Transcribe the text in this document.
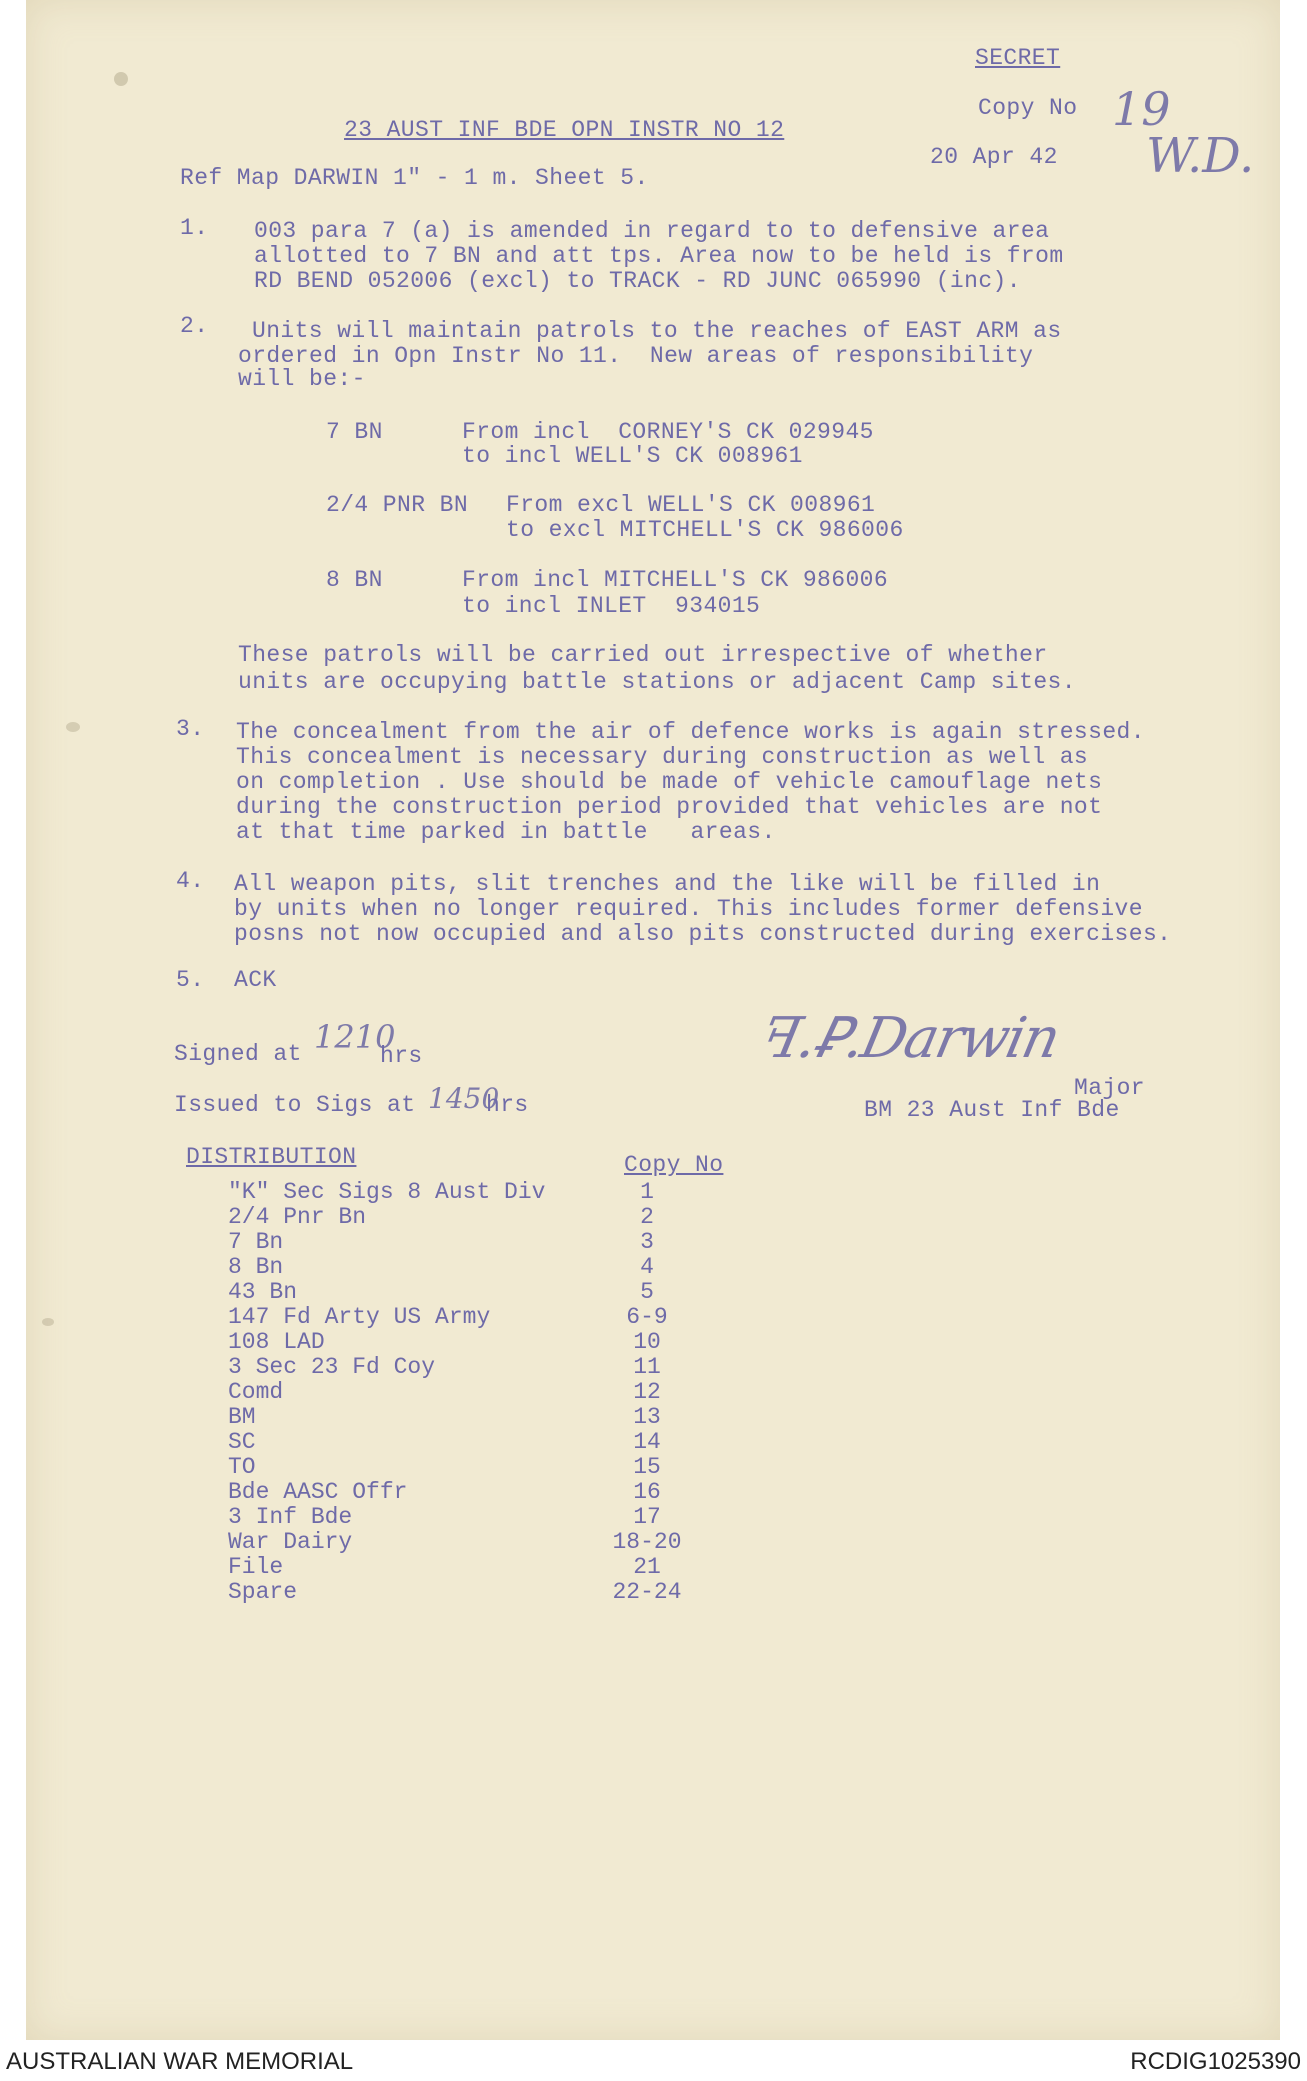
SECRET
Copy No 19
W.D.
23 AUST INF BDE OPN INSTR NO 12
20 Apr 42
Ref Map DARWIN 1" - 1 m. Sheet 5.
1. 003 para 7 (a) is amended in regard to to defensive area
allotted to 7 BN and att tps. Area now to be held is from
RD BEND 052006 (excl) to TRACK - RD JUNC 065990 (inc).
2. Units will maintain patrols to the reaches of EAST ARM as
ordered in Opn Instr No 11.  New areas of responsibility
will be:-
7 BN	From incl  CORNEY'S CK 029945
to incl WELL'S CK 008961
2/4 PNR BN From excl WELL'S CK 008961
to excl MITCHELL'S CK 986006
8 BN	From incl MITCHELL'S CK 986006
to incl INLET  934015
These patrols will be carried out irrespective of whether
units are occupying battle stations or adjacent Camp sites.
3. The concealment from the air of defence works is again stressed.
This concealment is necessary during construction as well as
on completion . Use should be made of vehicle camouflage nets
during the construction period provided that vehicles are not
at that time parked in battle   areas.
4. All weapon pits, slit trenches and the like will be filled in
by units when no longer required. This includes former defensive
posns not now occupied and also pits constructed during exercises.
5. ACK
Signed at 1210
hrs
Issued to Sigs at 1450
hrs
ꟻ.Ꝑ.Darwin
Major
BM 23 Aust Inf Bde
DISTRIBUTION	Copy No
"K" Sec Sigs 8 Aust Div	1
2/4 Pnr Bn	2
7 Bn	3
8 Bn	4
43 Bn	5
147 Fd Arty US Army	6-9
108 LAD	10
3 Sec 23 Fd Coy	11
Comd	12
BM	13
SC	14
TO	15
Bde AASC Offr	16
3 Inf Bde	17
War Dairy	18-20
File	21
Spare	22-24
AUSTRALIAN WAR MEMORIAL	RCDIG1025390
